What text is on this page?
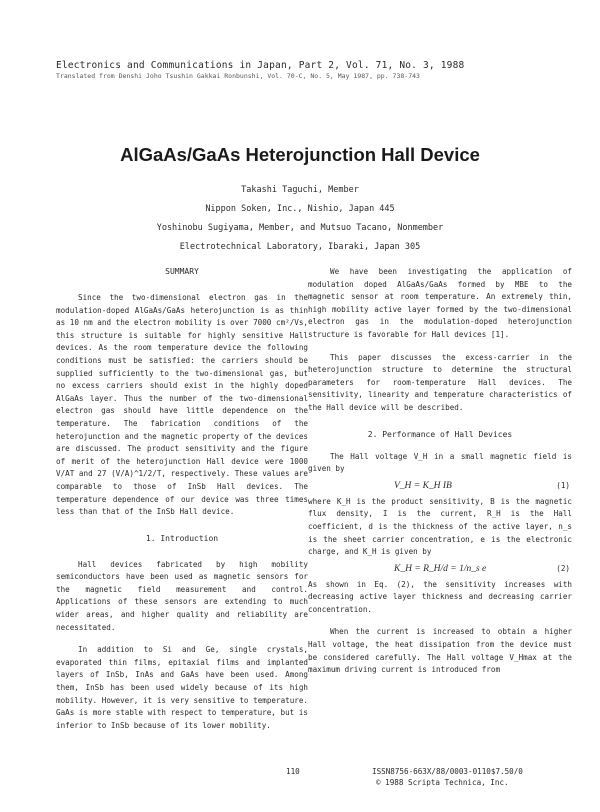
Electronics and Communications in Japan, Part 2, Vol. 71, No. 3, 1988
Translated from Denshi Joho Tsushin Gakkai Ronbunshi, Vol. 70-C, No. 5, May 1987, pp. 738-743
AlGaAs/GaAs Heterojunction Hall Device
Takashi Taguchi, Member
Nippon Soken, Inc., Nishio, Japan 445
Yoshinobu Sugiyama, Member, and Mutsuo Tacano, Nonmember
Electrotechnical Laboratory, Ibaraki, Japan 305
SUMMARY

Since the two-dimensional electron gas in the modulation-doped AlGaAs/GaAs heterojunction is as thin as 10 nm and the electron mobility is over 7000 cm²/Vs, this structure is suitable for highly sensitive Hall devices. As the room temperature device the following conditions must be satisfied: the carriers should be supplied sufficiently to the two-dimensional gas, but no excess carriers should exist in the highly doped AlGaAs layer. Thus the number of the two-dimensional electron gas should have little dependence on the temperature. The fabrication conditions of the heterojunction and the magnetic property of the devices are discussed. The product sensitivity and the figure of merit of the heterojunction Hall device were 1000 V/AT and 27 (V/A)^1/2/T, respectively. These values are comparable to those of InSb Hall devices. The temperature dependence of our device was three times less than that of the InSb Hall device.

1. Introduction

Hall devices fabricated by high mobility semiconductors have been used as magnetic sensors for the magnetic field measurement and control. Applications of these sensors are extending to much wider areas, and higher quality and reliability are necessitated.

In addition to Si and Ge, single crystals, evaporated thin films, epitaxial films and implanted layers of InSb, InAs and GaAs have been used. Among them, InSb has been used widely because of its high mobility. However, it is very sensitive to temperature. GaAs is more stable with respect to temperature, but is inferior to InSb because of its lower mobility.

We have been investigating the application of modulation doped AlGaAs/GaAs formed by MBE to the magnetic sensor at room temperature. An extremely thin, high mobility active layer formed by the two-dimensional electron gas in the modulation-doped heterojunction structure is favorable for Hall devices [1].

This paper discusses the excess-carrier in the heterojunction structure to determine the structural parameters for room-temperature Hall devices. The sensitivity, linearity and temperature characteristics of the Hall device will be described.

2. Performance of Hall Devices

The Hall voltage V_H in a small magnetic field is given by

V_H = K_H IB	(1)

where K_H is the product sensitivity, B is the magnetic flux density, I is the current, R_H is the Hall coefficient, d is the thickness of the active layer, n_s is the sheet carrier concentration, e is the electronic charge, and K_H is given by

K_H = R_H/d = 1/n_s e	(2)

As shown in Eq. (2), the sensitivity increases with decreasing active layer thickness and decreasing carrier concentration.

When the current is increased to obtain a higher Hall voltage, the heat dissipation from the device must be considered carefully. The Hall voltage V_Hmax at the maximum driving current is introduced from

110	ISSN8756-663X/88/0003-0110$7.50/0
© 1988 Scripta Technica, Inc.
